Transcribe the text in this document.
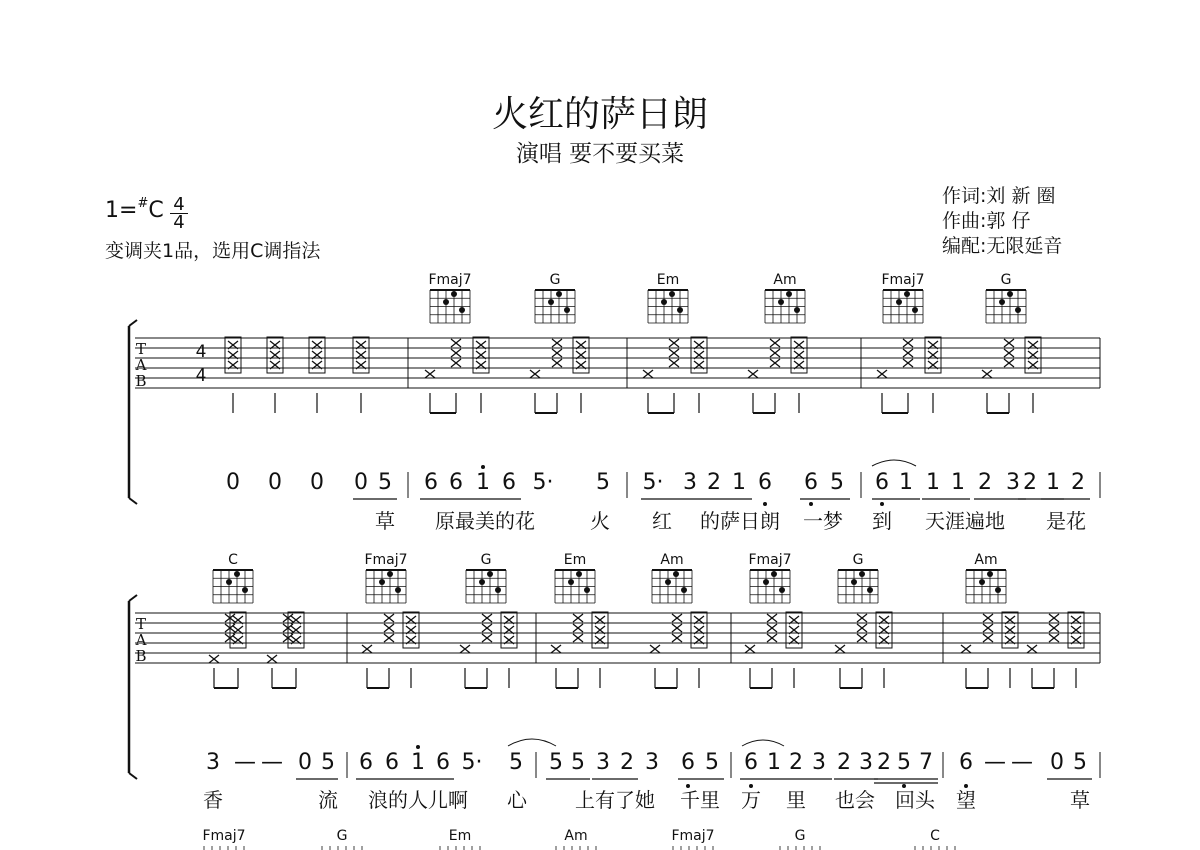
火红的萨日朗
演唱 要不要买菜
1=#C 4
4
变调夹1品，选用C调指法
作词:刘 新 圈
作曲:郭 仔
编配:无限延音
T
A
B
4
4
Fmaj7	G	Em	Am	Fmaj7	G
0 0 0 0 5 6 6 1 6 5· 5 5· 3 2 1 6 6 5 6 1 1 1 2 3 2 1 2
草 原最美的花	火 红 的萨日朗 一梦 到 天涯遍地 是花
T
A
B
C	Fmaj7	G	Em	Am	Fmaj7	G	Am
3 — — 0 5 6 6 1 6 5· 5 5 5 3 2 3 6 5 6 1 2 3 2 3 2 5 7 6 — — 0 5
香	流 浪的人儿啊 心 上有了她 千里 万 里 也会 回头 望	草
Fmaj7	G	Em	Am	Fmaj7	G	C
